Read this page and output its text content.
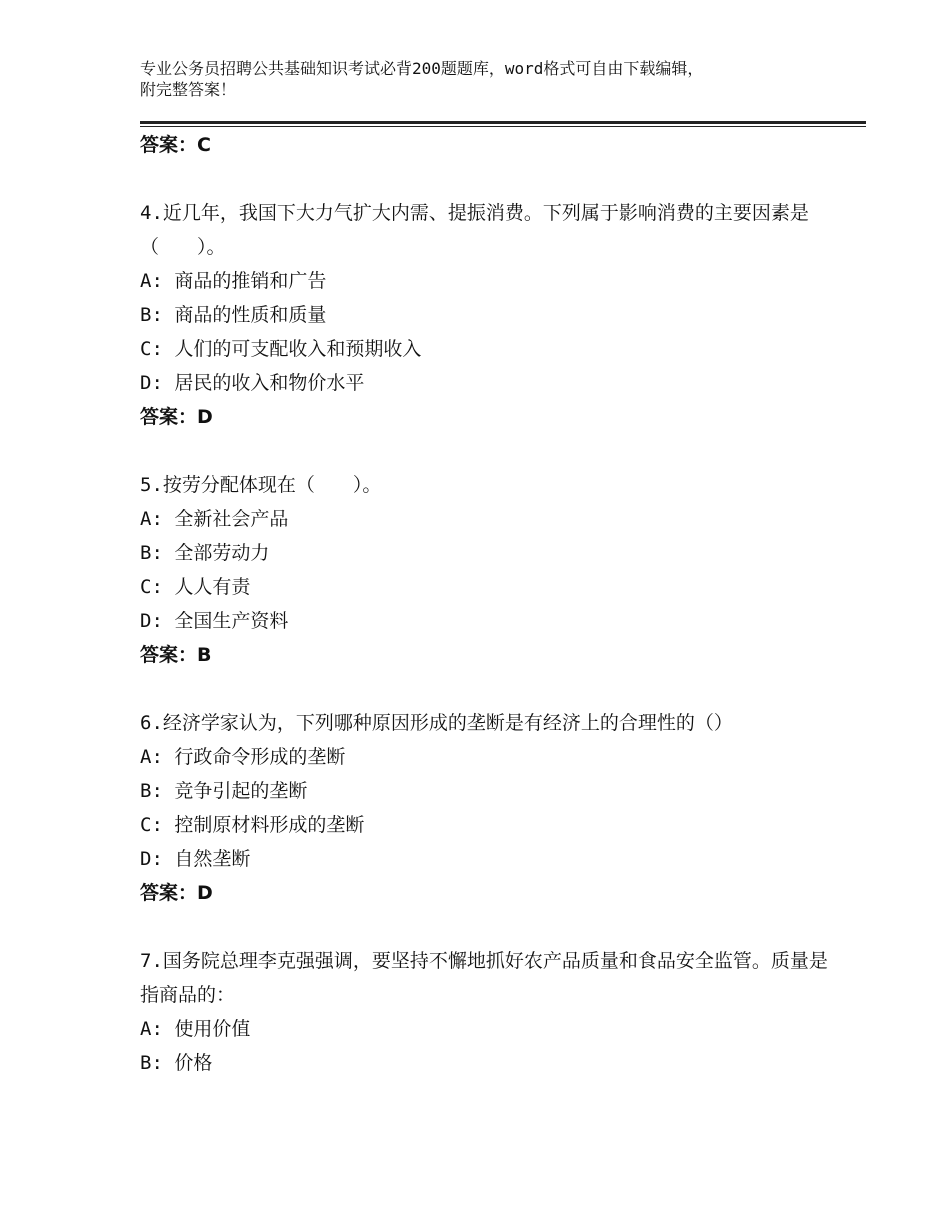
专业公务员招聘公共基础知识考试必背200题题库，word格式可自由下载编辑，
附完整答案！
答案：C
4.近几年，我国下大力气扩大内需、提振消费。下列属于影响消费的主要因素是（　　）。
A: 商品的推销和广告
B: 商品的性质和质量
C: 人们的可支配收入和预期收入
D: 居民的收入和物价水平
答案：D
5.按劳分配体现在（　　）。
A: 全新社会产品
B: 全部劳动力
C: 人人有责
D: 全国生产资料
答案：B
6.经济学家认为，下列哪种原因形成的垄断是有经济上的合理性的（）
A: 行政命令形成的垄断
B: 竞争引起的垄断
C: 控制原材料形成的垄断
D: 自然垄断
答案：D
7.国务院总理李克强强调，要坚持不懈地抓好农产品质量和食品安全监管。质量是指商品的：
A: 使用价值
B: 价格
